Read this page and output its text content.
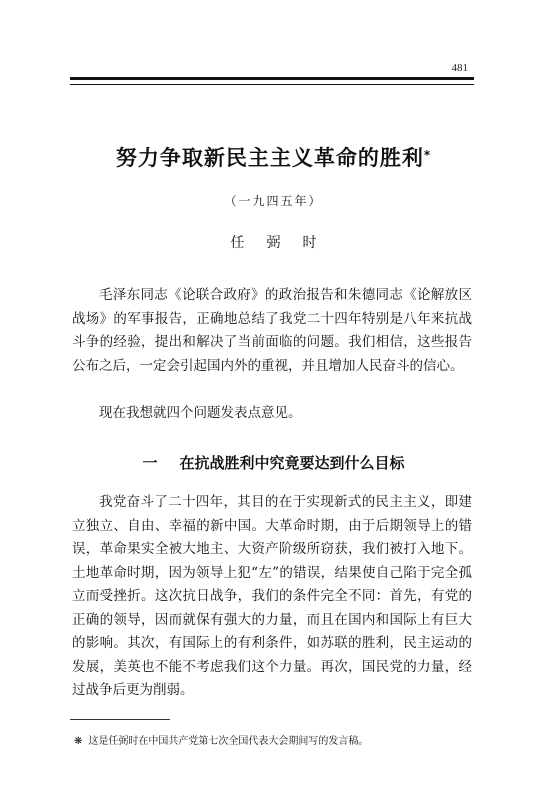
481
努力争取新民主主义革命的胜利*
（一九四五年）
任弼时

毛泽东同志《论联合政府》的政治报告和朱德同志《论解放区战场》的军事报告，正确地总结了我党二十四年特别是八年来抗战斗争的经验，提出和解决了当前面临的问题。我们相信，这些报告公布之后，一定会引起国内外的重视，并且增加人民奋斗的信心。

现在我想就四个问题发表点意见。

一 在抗战胜利中究竟要达到什么目标

我党奋斗了二十四年，其目的在于实现新式的民主主义，即建立独立、自由、幸福的新中国。大革命时期，由于后期领导上的错误，革命果实全被大地主、大资产阶级所窃获，我们被打入地下。土地革命时期，因为领导上犯“左”的错误，结果使自己陷于完全孤立而受挫折。这次抗日战争，我们的条件完全不同：首先，有党的正确的领导，因而就保有强大的力量，而且在国内和国际上有巨大的影响。其次，有国际上的有利条件，如苏联的胜利，民主运动的发展，美英也不能不考虑我们这个力量。再次，国民党的力量，经过战争后更为削弱。

❋ 这是任弼时在中国共产党第七次全国代表大会期间写的发言稿。
